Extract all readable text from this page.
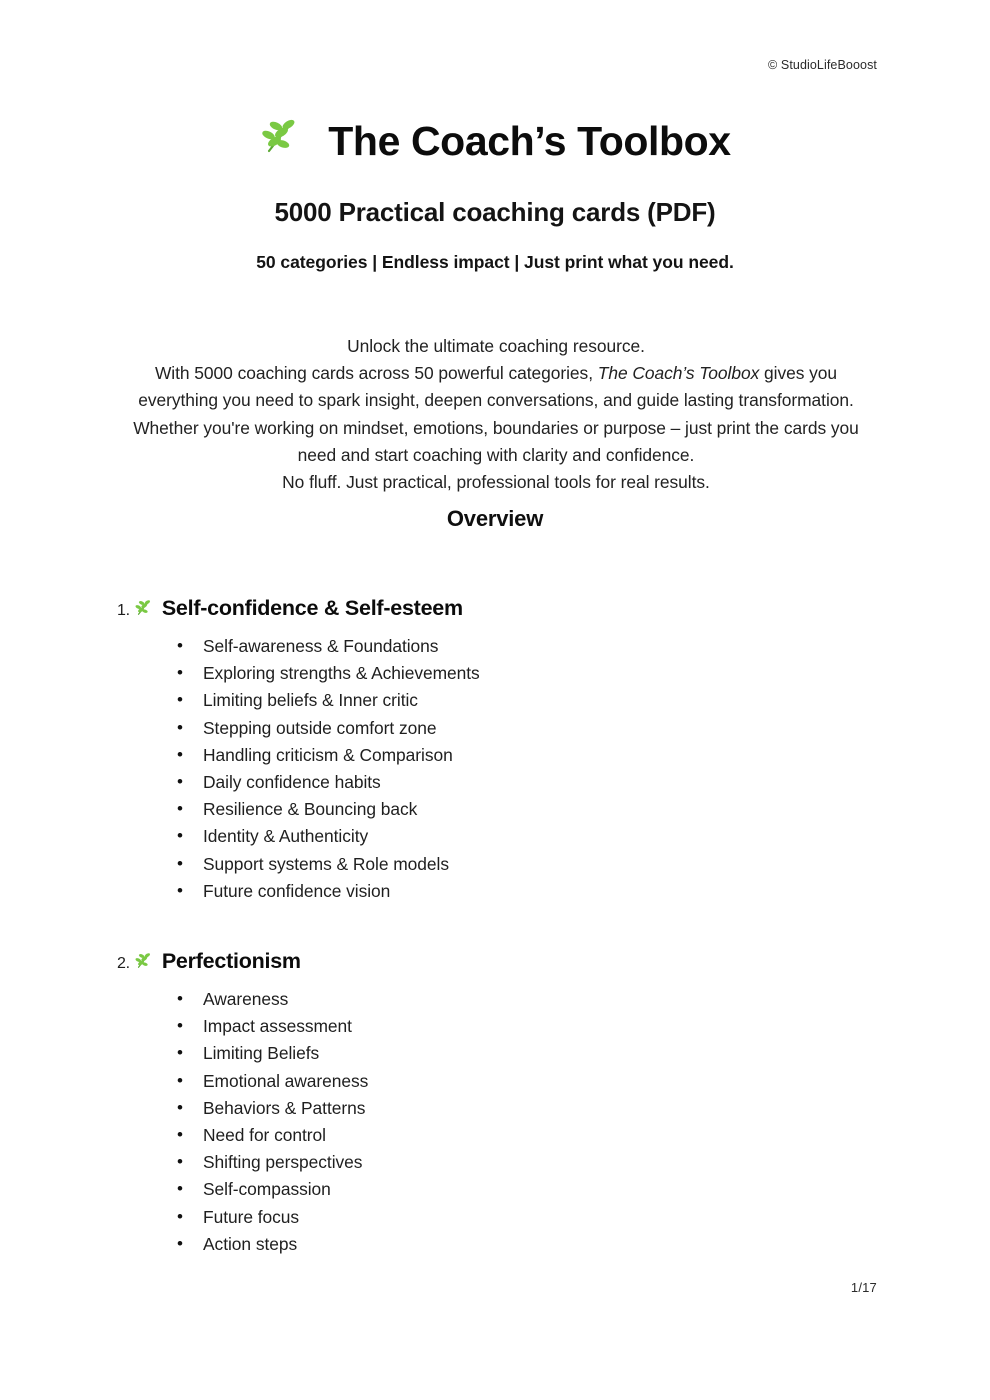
© StudioLifeBooost
The Coach’s Toolbox
5000 Practical coaching cards (PDF)
50 categories | Endless impact | Just print what you need.
Unlock the ultimate coaching resource.
With 5000 coaching cards across 50 powerful categories, The Coach’s Toolbox gives you everything you need to spark insight, deepen conversations, and guide lasting transformation. Whether you're working on mindset, emotions, boundaries or purpose – just print the cards you need and start coaching with clarity and confidence.
No fluff. Just practical, professional tools for real results.
Overview
1. Self-confidence & Self-esteem
• Self-awareness & Foundations
• Exploring strengths & Achievements
• Limiting beliefs & Inner critic
• Stepping outside comfort zone
• Handling criticism & Comparison
• Daily confidence habits
• Resilience & Bouncing back
• Identity & Authenticity
• Support systems & Role models
• Future confidence vision
2. Perfectionism
• Awareness
• Impact assessment
• Limiting Beliefs
• Emotional awareness
• Behaviors & Patterns
• Need for control
• Shifting perspectives
• Self-compassion
• Future focus
• Action steps
1/17
